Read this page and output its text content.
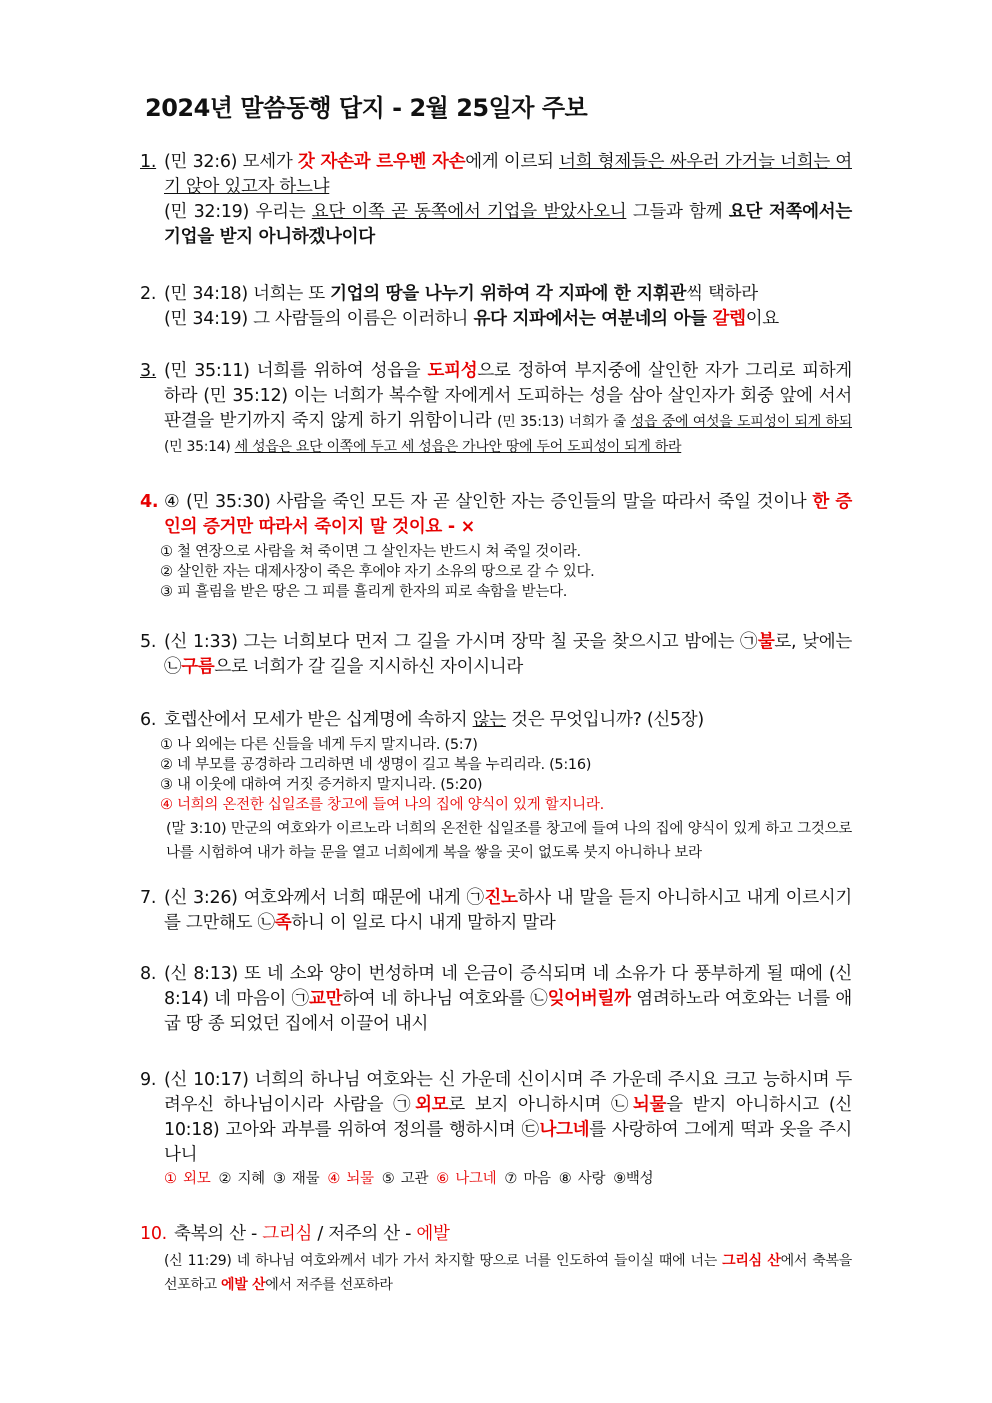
2024년 말씀동행 답지 - 2월 25일자 주보
1. (민 32:6) 모세가 갓 자손과 르우벤 자손에게 이르되 너희 형제들은 싸우러 가거늘 너희는 여기 앉아 있고자 하느냐
(민 32:19) 우리는 요단 이쪽 곧 동쪽에서 기업을 받았사오니 그들과 함께 요단 저쪽에서는 기업을 받지 아니하겠나이다
2. (민 34:18) 너희는 또 기업의 땅을 나누기 위하여 각 지파에 한 지휘관씩 택하라
(민 34:19) 그 사람들의 이름은 이러하니 유다 지파에서는 여분네의 아들 갈렙이요
3. (민 35:11) 너희를 위하여 성읍을 도피성으로 정하여 부지중에 살인한 자가 그리로 피하게 하라 (민 35:12) 이는 너희가 복수할 자에게서 도피하는 성을 삼아 살인자가 회중 앞에 서서 판결을 받기까지 죽지 않게 하기 위함이니라 (민 35:13) 너희가 줄 성읍 중에 여섯을 도피성이 되게 하되 (민 35:14) 세 성읍은 요단 이쪽에 두고 세 성읍은 가나안 땅에 두어 도피성이 되게 하라
4. ④ (민 35:30) 사람을 죽인 모든 자 곧 살인한 자는 증인들의 말을 따라서 죽일 것이나 한 증인의 증거만 따라서 죽이지 말 것이요 - ×
① 철 연장으로 사람을 쳐 죽이면 그 살인자는 반드시 쳐 죽일 것이라.
② 살인한 자는 대제사장이 죽은 후에야 자기 소유의 땅으로 갈 수 있다.
③ 피 흘림을 받은 땅은 그 피를 흘리게 한자의 피로 속함을 받는다.
5. (신 1:33) 그는 너희보다 먼저 그 길을 가시며 장막 칠 곳을 찾으시고 밤에는 ㉠불로, 낮에는 ㉡구름으로 너희가 갈 길을 지시하신 자이시니라
6. 호렙산에서 모세가 받은 십계명에 속하지 않는 것은 무엇입니까? (신5장)
① 나 외에는 다른 신들을 네게 두지 말지니라. (5:7)
② 네 부모를 공경하라 그리하면 네 생명이 길고 복을 누리리라. (5:16)
③ 내 이웃에 대하여 거짓 증거하지 말지니라. (5:20)
④ 너희의 온전한 십일조를 창고에 들여 나의 집에 양식이 있게 할지니라.
(말 3:10) 만군의 여호와가 이르노라 너희의 온전한 십일조를 창고에 들여 나의 집에 양식이 있게 하고 그것으로 나를 시험하여 내가 하늘 문을 열고 너희에게 복을 쌓을 곳이 없도록 붓지 아니하나 보라
7. (신 3:26) 여호와께서 너희 때문에 내게 ㉠진노하사 내 말을 듣지 아니하시고 내게 이르시기를 그만해도 ㉡족하니 이 일로 다시 내게 말하지 말라
8. (신 8:13) 또 네 소와 양이 번성하며 네 은금이 증식되며 네 소유가 다 풍부하게 될 때에 (신 8:14) 네 마음이 ㉠교만하여 네 하나님 여호와를 ㉡잊어버릴까 염려하노라 여호와는 너를 애굽 땅 종 되었던 집에서 이끌어 내시
9. (신 10:17) 너희의 하나님 여호와는 신 가운데 신이시며 주 가운데 주시요 크고 능하시며 두려우신 하나님이시라 사람을 ㉠외모로 보지 아니하시며 ㉡뇌물을 받지 아니하시고 (신 10:18) 고아와 과부를 위하여 정의를 행하시며 ㉢나그네를 사랑하여 그에게 떡과 옷을 주시나니
① 외모 ② 지혜 ③ 재물 ④ 뇌물 ⑤ 고관 ⑥ 나그네 ⑦ 마음 ⑧ 사랑 ⑨백성
10. 축복의 산 - 그리심 / 저주의 산 - 에발
(신 11:29) 네 하나님 여호와께서 네가 가서 차지할 땅으로 너를 인도하여 들이실 때에 너는 그리심 산에서 축복을 선포하고 에발 산에서 저주를 선포하라
